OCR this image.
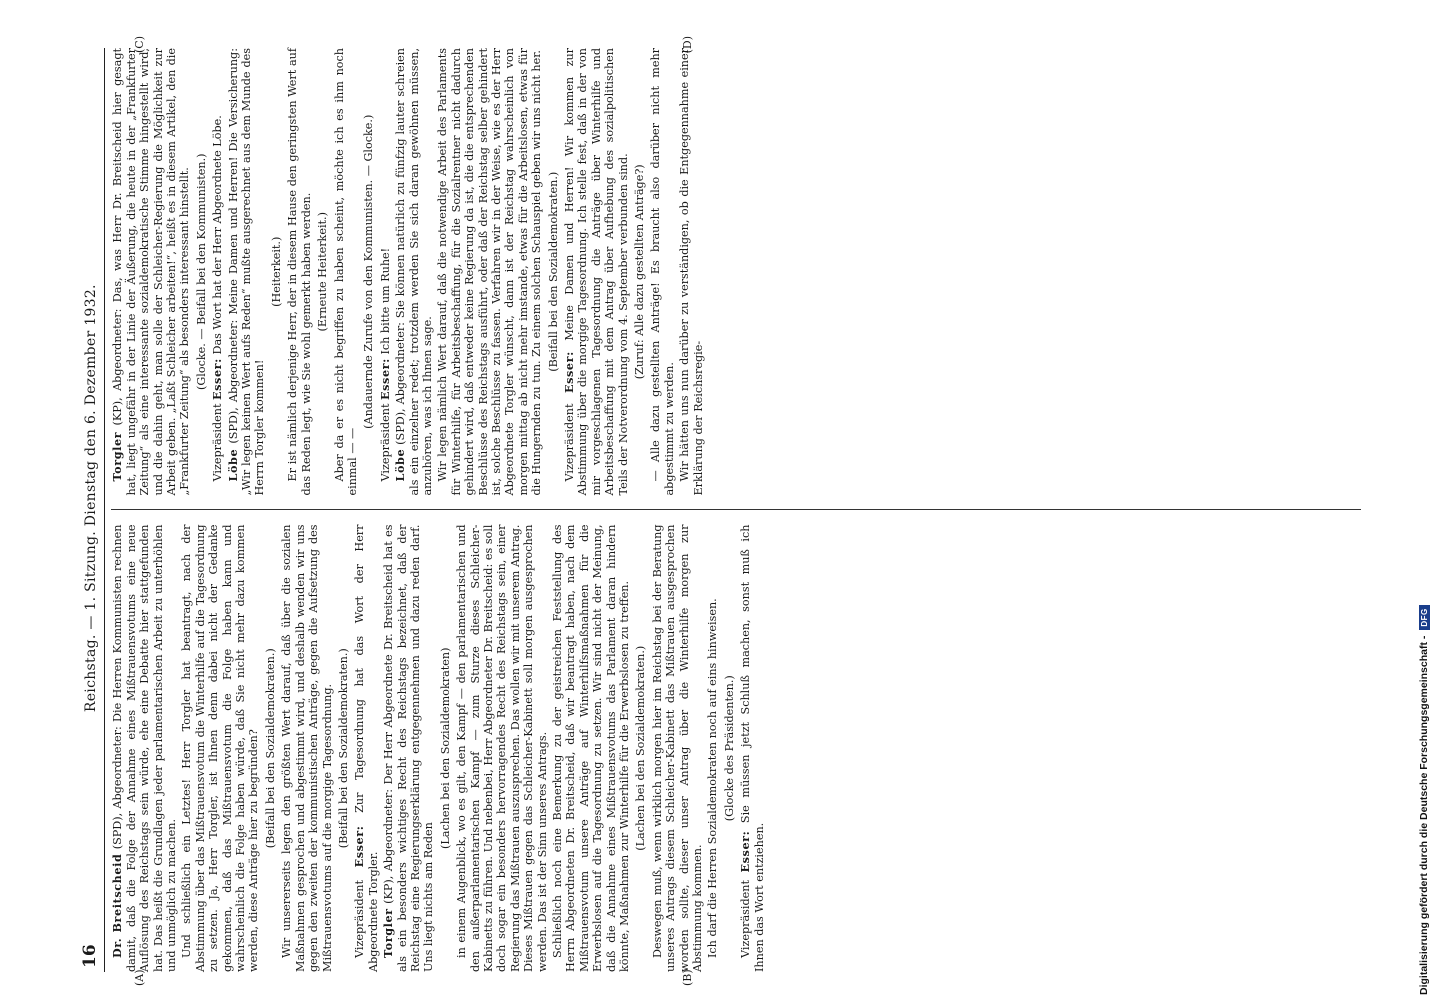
16
Reichstag. — 1. Sitzung. Dienstag den 6. Dezember 1932.
(A)	(B)

Dr. Breitscheid (SPD), Abgeordneter: Die Herren Kommunisten rechnen damit, daß die Folge der Annahme eines Mißtrauensvotums eine neue Auflösung des Reichstags sein würde, ehe eine Debatte hier stattgefunden hat. Das heißt die Grundlagen jeder parlamentarischen Arbeit zu unterhöhlen und unmöglich zu machen. Und schließlich ein Letztes! Herr Torgler hat beantragt, nach der Abstimmung über das Mißtrauensvotum die Winterhilfe auf die Tagesordnung zu setzen. Ja, Herr Torgler, ist Ihnen denn dabei nicht der Gedanke gekommen, daß das Mißtrauensvotum die Folge haben kann und wahrscheinlich die Folge haben würde, daß Sie nicht mehr dazu kommen werden, diese Anträge hier zu begründen? (Beifall bei den Sozialdemokraten.) Wir unsererseits legen den größten Wert darauf, daß über die sozialen Maßnahmen gesprochen und abgestimmt wird, und deshalb wenden wir uns gegen den zweiten der kommunistischen Anträge, gegen die Aufsetzung des Mißtrauensvotums auf die morgige Tagesordnung. (Beifall bei den Sozialdemokraten.)

Vizepräsident Esser: Zur Tagesordnung hat das Wort der Herr Abgeordnete Torgler. Torgler (KP), Abgeordneter: Der Herr Abgeordnete Dr. Breitscheid hat es als ein besonders wichtiges Recht des Reichstags bezeichnet, daß der Reichstag eine Regierungserklärung entgegennehmen und dazu reden darf. Uns liegt nichts am Reden

(Lachen bei den Sozialdemokraten) in einem Augenblick, wo es gilt, den Kampf — den parlamentarischen und den außerparlamentarischen Kampf — zum Sturze dieses Schleicher-Kabinetts zu führen. Und nebenbei, Herr Abgeordneter Dr. Breitscheid: es soll doch sogar ein besonders hervorragendes Recht des Reichstags sein, einer Regierung das Mißtrauen auszusprechen. Das wollen wir mit unserem Antrag. Dieses Mißtrauen gegen das Schleicher-Kabinett soll morgen ausgesprochen werden. Das ist der Sinn unseres Antrags. Schließlich noch eine Bemerkung zu der geistreichen Feststellung des Herrn Abgeordneten Dr. Breitscheid, daß wir beantragt haben, nach dem Mißtrauensvotum unsere Anträge auf Winterhilfsmaßnahmen für die Erwerbslosen auf die Tagesordnung zu setzen. Wir sind nicht der Meinung, daß die Annahme eines Mißtrauensvotums das Parlament daran hindern könnte, Maßnahmen zur Winterhilfe für die Erwerbslosen zu treffen. (Lachen bei den Sozialdemokraten.) Deswegen muß, wenn wirklich morgen hier im Reichstag bei der Beratung unseres Antrags diesem Schleicher-Kabinett das Mißtrauen ausgesprochen worden sollte, dieser unser Antrag über die Winterhilfe morgen zur Abstimmung kommen. Ich darf die Herren Sozialdemokraten noch auf eins hinweisen. (Glocke des Präsidenten.)

Vizepräsident Esser: Sie müssen jetzt Schluß machen, sonst muß ich Ihnen das Wort entziehen.

(C)	(D)

Torgler (KP), Abgeordneter: Das, was Herr Dr. Breitscheid hier gesagt hat, liegt ungefähr in der Linie der Äußerung, die heute in der „Frankfurter Zeitung“ als eine interessante sozialdemokratische Stimme hingestellt wird, und die dahin geht, man solle der Schleicher-Regierung die Möglichkeit zur Arbeit geben. „Laßt Schleicher arbeiten!“, heißt es in diesem Artikel, den die „Frankfurter Zeitung“ als besonders interessant hinstellt. (Glocke. — Beifall bei den Kommunisten.)

Vizepräsident Esser: Das Wort hat der Herr Abgeordnete Löbe.

Löbe (SPD), Abgeordneter: Meine Damen und Herren! Die Versicherung: „Wir legen keinen Wert aufs Reden“ mußte ausgerechnet aus dem Munde des Herrn Torgler kommen!

(Heiterkeit.) Er ist nämlich derjenige Herr, der in diesem Hause den geringsten Wert auf das Reden legt, wie Sie wohl gemerkt haben werden. (Erneute Heiterkeit.) Aber da er es nicht begriffen zu haben scheint, möchte ich es ihm noch einmal — —

(Andauernde Zurufe von den Kommunisten. — Glocke.)

Vizepräsident Esser: Ich bitte um Ruhe!

Löbe (SPD), Abgeordneter: Sie können natürlich zu fünfzig lauter schreien als ein einzelner redet; trotzdem werden Sie sich daran gewöhnen müssen, anzuhören, was ich Ihnen sage. Wir legen nämlich Wert darauf, daß die notwendige Arbeit des Parlaments für Winterhilfe, für Arbeitsbeschaffung, für die Sozialrentner nicht dadurch gehindert wird, daß entweder keine Regierung da ist, die die entsprechenden Beschlüsse des Reichstags ausführt, oder daß der Reichstag selber gehindert ist, solche Beschlüsse zu fassen. Verfahren wir in der Weise, wie es der Herr Abgeordnete Torgler wünscht, dann ist der Reichstag wahrscheinlich von morgen mittag ab nicht mehr imstande, etwas für die Arbeitslosen, etwas für die Hungernden zu tun. Zu einem solchen Schauspiel geben wir uns nicht her. (Beifall bei den Sozialdemokraten.)

Vizepräsident Esser: Meine Damen und Herren! Wir kommen zur Abstimmung über die morgige Tagesordnung. Ich stelle fest, daß in der von mir vorgeschlagenen Tagesordnung die Anträge über Winterhilfe und Arbeitsbeschaffung mit dem Antrag über Aufhebung des sozialpolitischen Teils der Notverordnung vom 4. September verbunden sind. (Zuruf: Alle dazu gestellten Anträge?) — Alle dazu gestellten Anträge! Es braucht also darüber nicht mehr abgestimmt zu werden. Wir hätten uns nun darüber zu verständigen, ob die Entgegennahme einer Erklärung der Reichsregie-

Digitalisierung gefördert durch die Deutsche Forschungsgemeinschaft -
DFG
